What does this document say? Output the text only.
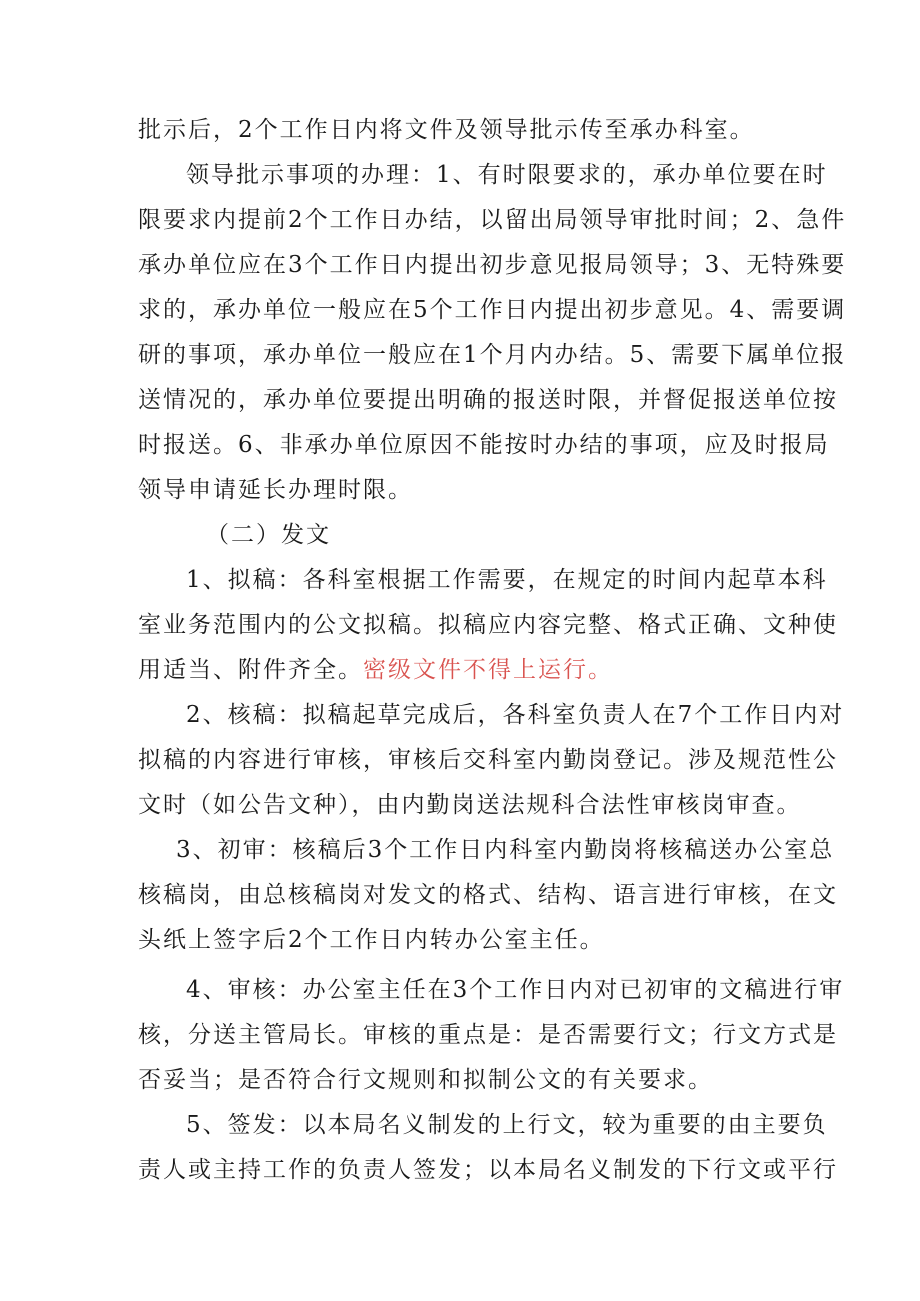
批示后，2个工作日内将文件及领导批示传至承办科室。
领导批示事项的办理：1、有时限要求的，承办单位要在时
限要求内提前2个工作日办结，以留出局领导审批时间；2、急件
承办单位应在3个工作日内提出初步意见报局领导；3、无特殊要
求的，承办单位一般应在5个工作日内提出初步意见。4、需要调
研的事项，承办单位一般应在1个月内办结。5、需要下属单位报
送情况的，承办单位要提出明确的报送时限，并督促报送单位按
时报送。6、非承办单位原因不能按时办结的事项，应及时报局
领导申请延长办理时限。
（二）发文
1、拟稿：各科室根据工作需要，在规定的时间内起草本科
室业务范围内的公文拟稿。拟稿应内容完整、格式正确、文种使
用适当、附件齐全。密级文件不得上运行。
2、核稿：拟稿起草完成后，各科室负责人在7个工作日内对
拟稿的内容进行审核，审核后交科室内勤岗登记。涉及规范性公
文时（如公告文种），由内勤岗送法规科合法性审核岗审查。
3、初审：核稿后3个工作日内科室内勤岗将核稿送办公室总
核稿岗，由总核稿岗对发文的格式、结构、语言进行审核，在文
头纸上签字后2个工作日内转办公室主任。
4、审核：办公室主任在3个工作日内对已初审的文稿进行审
核，分送主管局长。审核的重点是：是否需要行文；行文方式是
否妥当；是否符合行文规则和拟制公文的有关要求。
5、签发：以本局名义制发的上行文，较为重要的由主要负
责人或主持工作的负责人签发；以本局名义制发的下行文或平行
